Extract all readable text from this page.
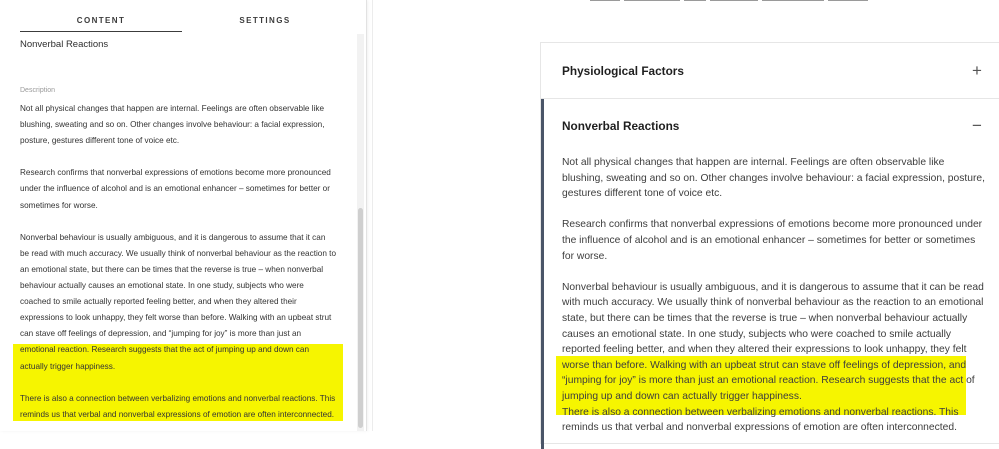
CONTENT	SETTINGS
Nonverbal Reactions
Description

Not all physical changes that happen are internal. Feelings are often observable like blushing, sweating and so on. Other changes involve behaviour: a facial expression, posture, gestures different tone of voice etc.

Research confirms that nonverbal expressions of emotions become more pronounced under the influence of alcohol and is an emotional enhancer – sometimes for better or sometimes for worse.

Nonverbal behaviour is usually ambiguous, and it is dangerous to assume that it can be read with much accuracy. We usually think of nonverbal behaviour as the reaction to an emotional state, but there can be times that the reverse is true – when nonverbal behaviour actually causes an emotional state. In one study, subjects who were coached to smile actually reported feeling better, and when they altered their expressions to look unhappy, they felt worse than before. Walking with an upbeat strut can stave off feelings of depression, and “jumping for joy” is more than just an emotional reaction. Research suggests that the act of jumping up and down can actually trigger happiness.

There is also a connection between verbalizing emotions and nonverbal reactions. This reminds us that verbal and nonverbal expressions of emotion are often interconnected.

Physiological Factors	+
Nonverbal Reactions	−

Not all physical changes that happen are internal. Feelings are often observable like blushing, sweating and so on. Other changes involve behaviour: a facial expression, posture, gestures different tone of voice etc.

Research confirms that nonverbal expressions of emotions become more pronounced under the influence of alcohol and is an emotional enhancer – sometimes for better or sometimes for worse.

Nonverbal behaviour is usually ambiguous, and it is dangerous to assume that it can be read with much accuracy. We usually think of nonverbal behaviour as the reaction to an emotional state, but there can be times that the reverse is true – when nonverbal behaviour actually causes an emotional state. In one study, subjects who were coached to smile actually reported feeling better, and when they altered their expressions to look unhappy, they felt worse than before. Walking with an upbeat strut can stave off feelings of depression, and “jumping for joy” is more than just an emotional reaction. Research suggests that the act of jumping up and down can actually trigger happiness.

There is also a connection between verbalizing emotions and nonverbal reactions. This reminds us that verbal and nonverbal expressions of emotion are often interconnected.
